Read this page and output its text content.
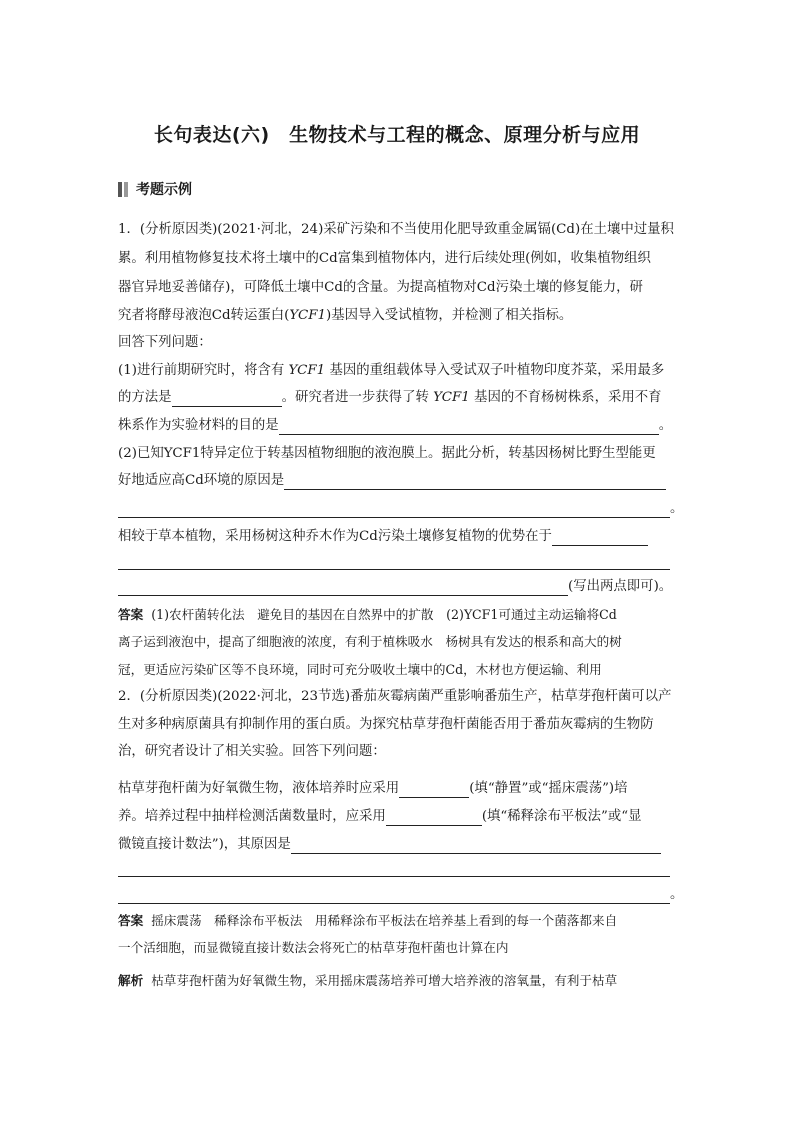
长句表达(六)　生物技术与工程的概念、原理分析与应用
考题示例
1．(分析原因类)(2021·河北，24)采矿污染和不当使用化肥导致重金属镉(Cd)在土壤中过量积
累。利用植物修复技术将土壤中的Cd富集到植物体内，进行后续处理(例如，收集植物组织
器官异地妥善储存)，可降低土壤中Cd的含量。为提高植物对Cd污染土壤的修复能力，研
究者将酵母液泡Cd转运蛋白(YCF1)基因导入受试植物，并检测了相关指标。
回答下列问题：
(1)进行前期研究时，将含有 YCF1 基因的重组载体导入受试双子叶植物印度芥菜，采用最多
的方法是	。研究者进一步获得了转 YCF1 基因的不育杨树株系，采用不育
株系作为实验材料的目的是	。
(2)已知YCF1特异定位于转基因植物细胞的液泡膜上。据此分析，转基因杨树比野生型能更
好地适应高Cd环境的原因是
。
相较于草本植物，采用杨树这种乔木作为Cd污染土壤修复植物的优势在于
(写出两点即可)。
答案 (1)农杆菌转化法　避免目的基因在自然界中的扩散　(2)YCF1可通过主动运输将Cd
离子运到液泡中，提高了细胞液的浓度，有利于植株吸水　杨树具有发达的根系和高大的树
冠，更适应污染矿区等不良环境，同时可充分吸收土壤中的Cd，木材也方便运输、利用
2．(分析原因类)(2022·河北，23节选)番茄灰霉病菌严重影响番茄生产，枯草芽孢杆菌可以产
生对多种病原菌具有抑制作用的蛋白质。为探究枯草芽孢杆菌能否用于番茄灰霉病的生物防
治，研究者设计了相关实验。回答下列问题：
枯草芽孢杆菌为好氧微生物，液体培养时应采用	(填“静置”或“摇床震荡”)培
养。培养过程中抽样检测活菌数量时，应采用	(填“稀释涂布平板法”或“显
微镜直接计数法”)，其原因是
。
答案 摇床震荡　稀释涂布平板法　用稀释涂布平板法在培养基上看到的每一个菌落都来自
一个活细胞，而显微镜直接计数法会将死亡的枯草芽孢杆菌也计算在内
解析 枯草芽孢杆菌为好氧微生物，采用摇床震荡培养可增大培养液的溶氧量，有利于枯草
